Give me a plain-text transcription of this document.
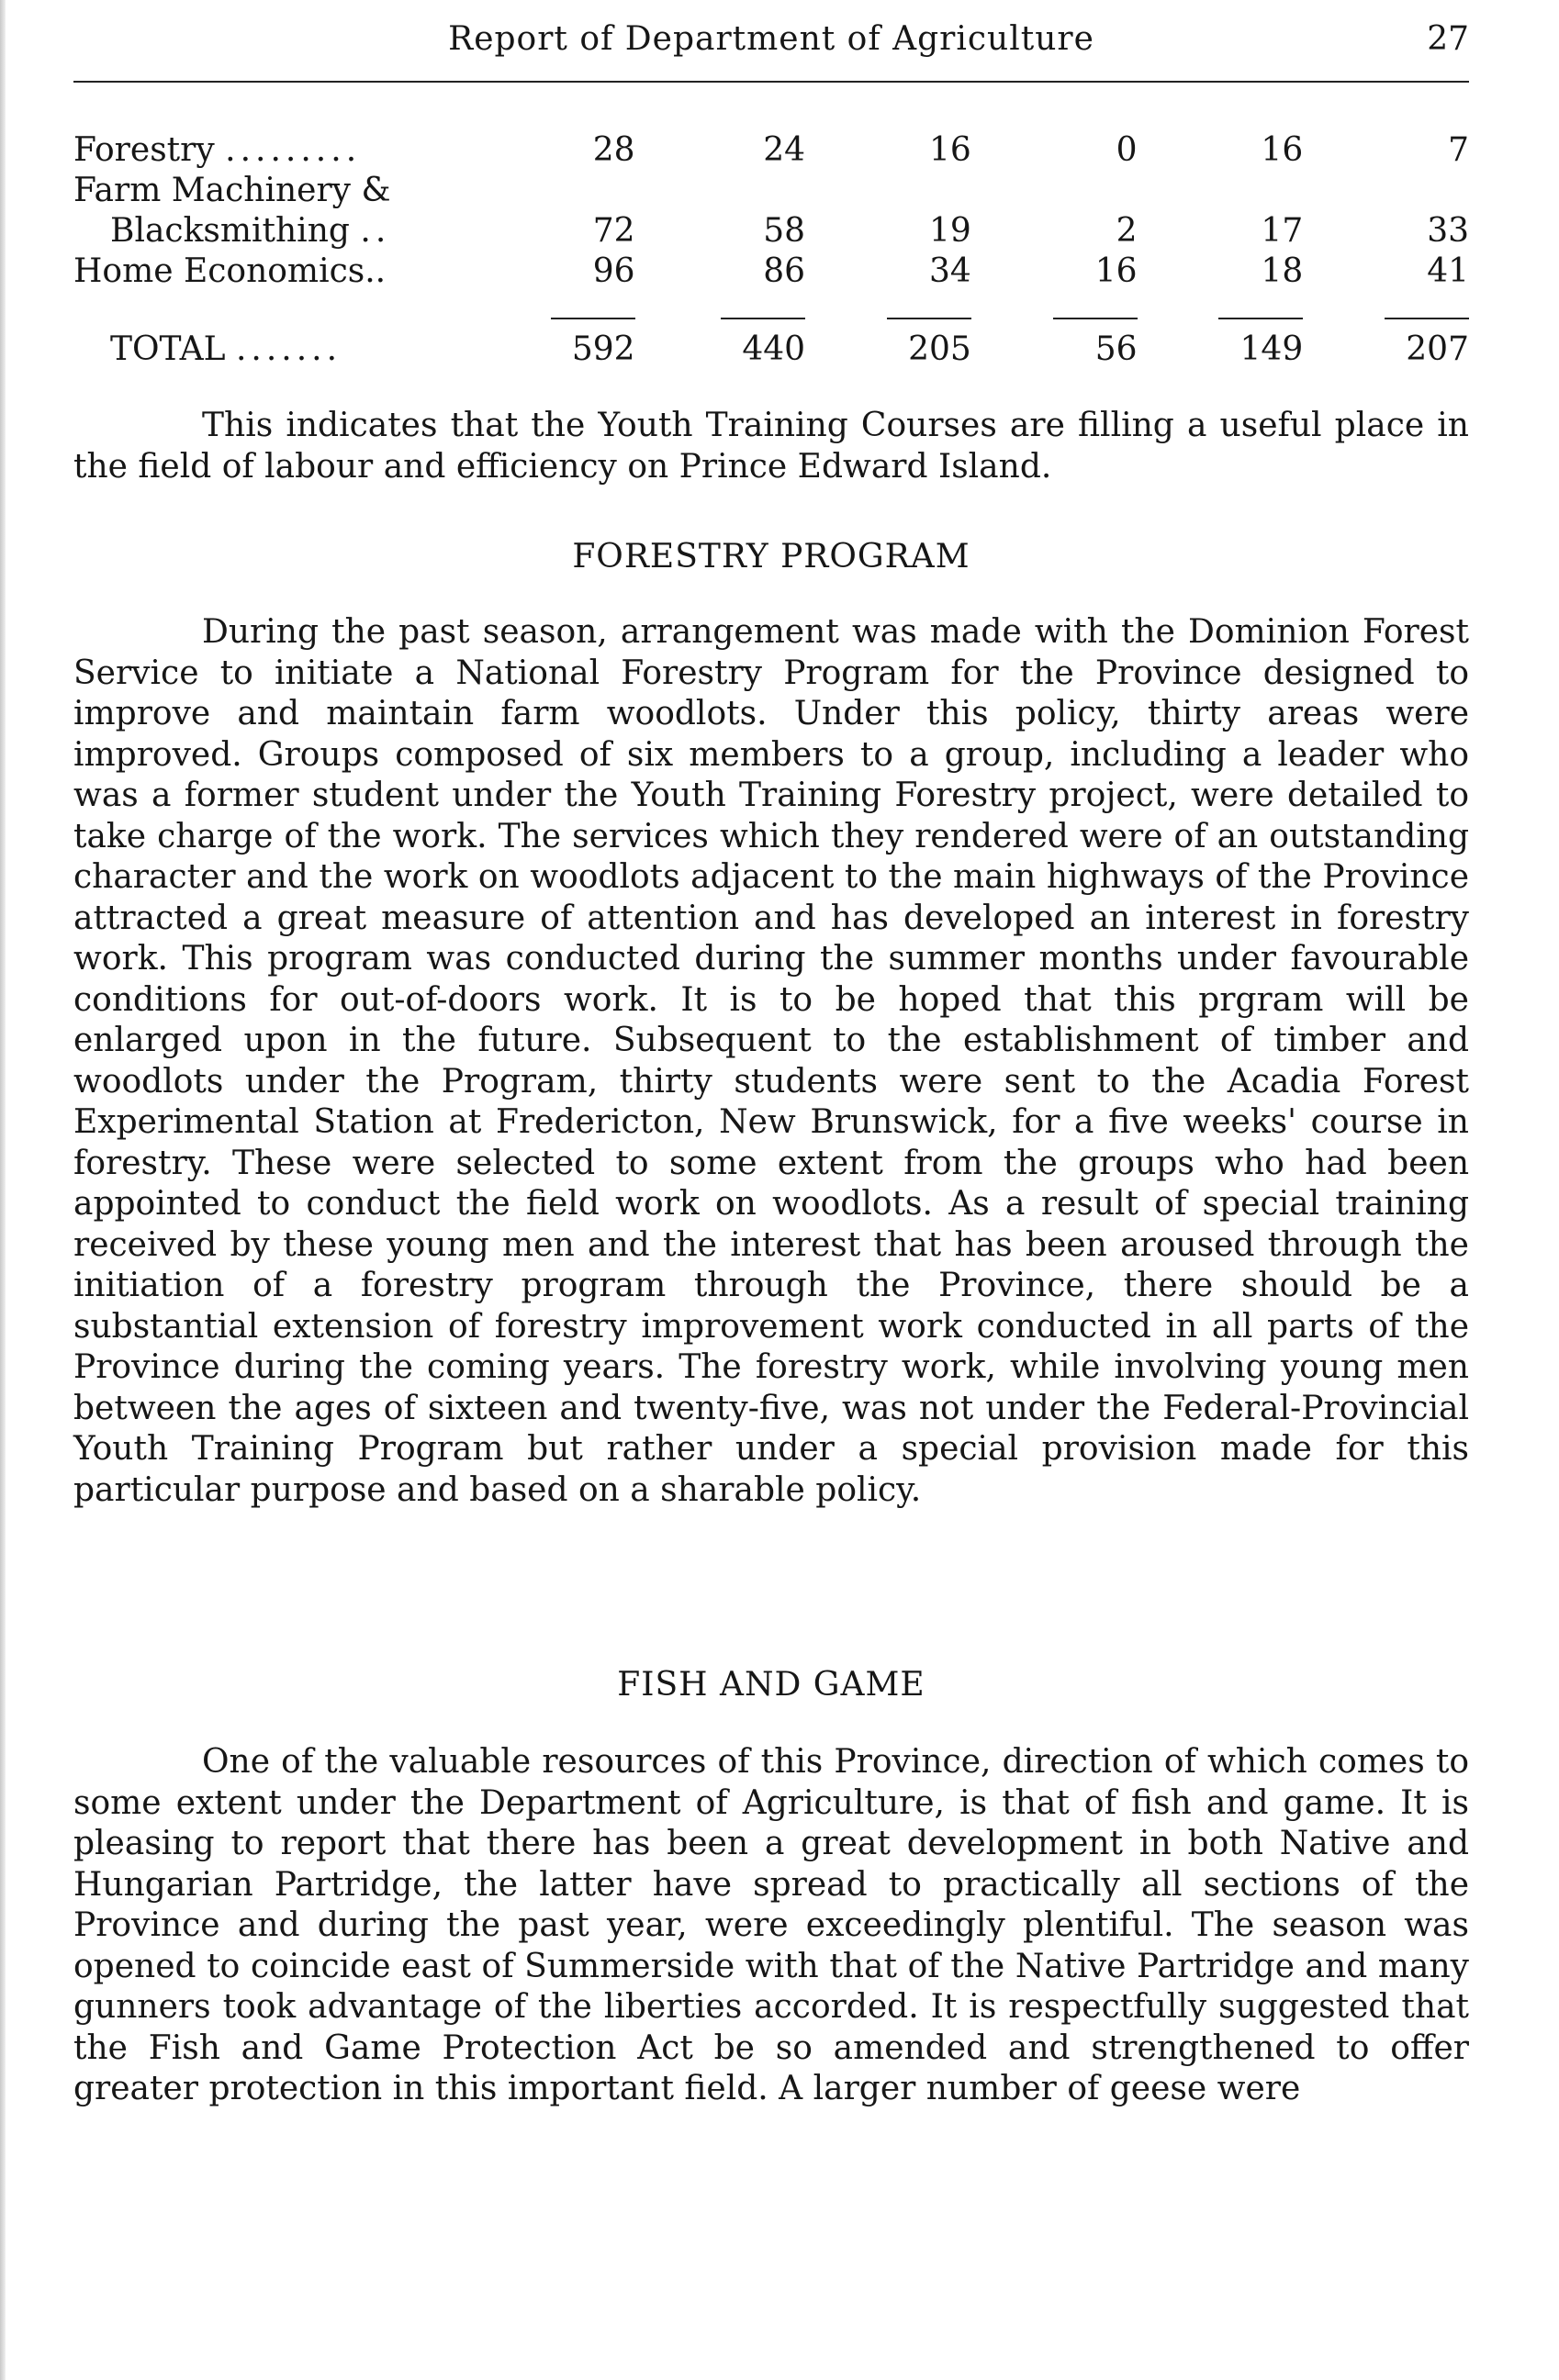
Report of Department of Agriculture	27
Forestry .........	28	24	16	0	16	7
Farm Machinery &						
Blacksmithing ..	72	58	19	2	17	33
Home Economics..	96	86	34	16	18	41

TOTAL .......	592	440	205	56	149	207

This indicates that the Youth Training Courses are filling a useful place in the field of labour and efficiency on Prince Edward Island.

FORESTRY PROGRAM

During the past season, arrangement was made with the Dominion Forest Service to initiate a National Forestry Program for the Province designed to improve and maintain farm woodlots. Under this policy, thirty areas were improved. Groups composed of six members to a group, including a leader who was a former student under the Youth Training Forestry project, were detailed to take charge of the work. The services which they rendered were of an outstanding character and the work on woodlots adjacent to the main highways of the Province attracted a great measure of attention and has developed an interest in forestry work. This program was conducted during the summer months under favourable conditions for out-of-doors work. It is to be hoped that this prgram will be enlarged upon in the future. Subsequent to the establishment of timber and woodlots under the Program, thirty students were sent to the Acadia Forest Experimental Station at Fredericton, New Brunswick, for a five weeks' course in forestry. These were selected to some extent from the groups who had been appointed to conduct the field work on woodlots. As a result of special training received by these young men and the interest that has been aroused through the initiation of a forestry program through the Province, there should be a substantial extension of forestry improvement work conducted in all parts of the Province during the coming years. The forestry work, while involving young men between the ages of sixteen and twenty-five, was not under the Federal-Provincial Youth Training Program but rather under a special provision made for this particular purpose and based on a sharable policy.

FISH AND GAME

One of the valuable resources of this Province, direction of which comes to some extent under the Department of Agriculture, is that of fish and game. It is pleasing to report that there has been a great development in both Native and Hungarian Partridge, the latter have spread to practically all sections of the Province and during the past year, were exceedingly plentiful. The season was opened to coincide east of Summerside with that of the Native Partridge and many gunners took advantage of the liberties accorded. It is respectfully suggested that the Fish and Game Protection Act be so amended and strengthened to offer greater protection in this important field. A larger number of geese were
